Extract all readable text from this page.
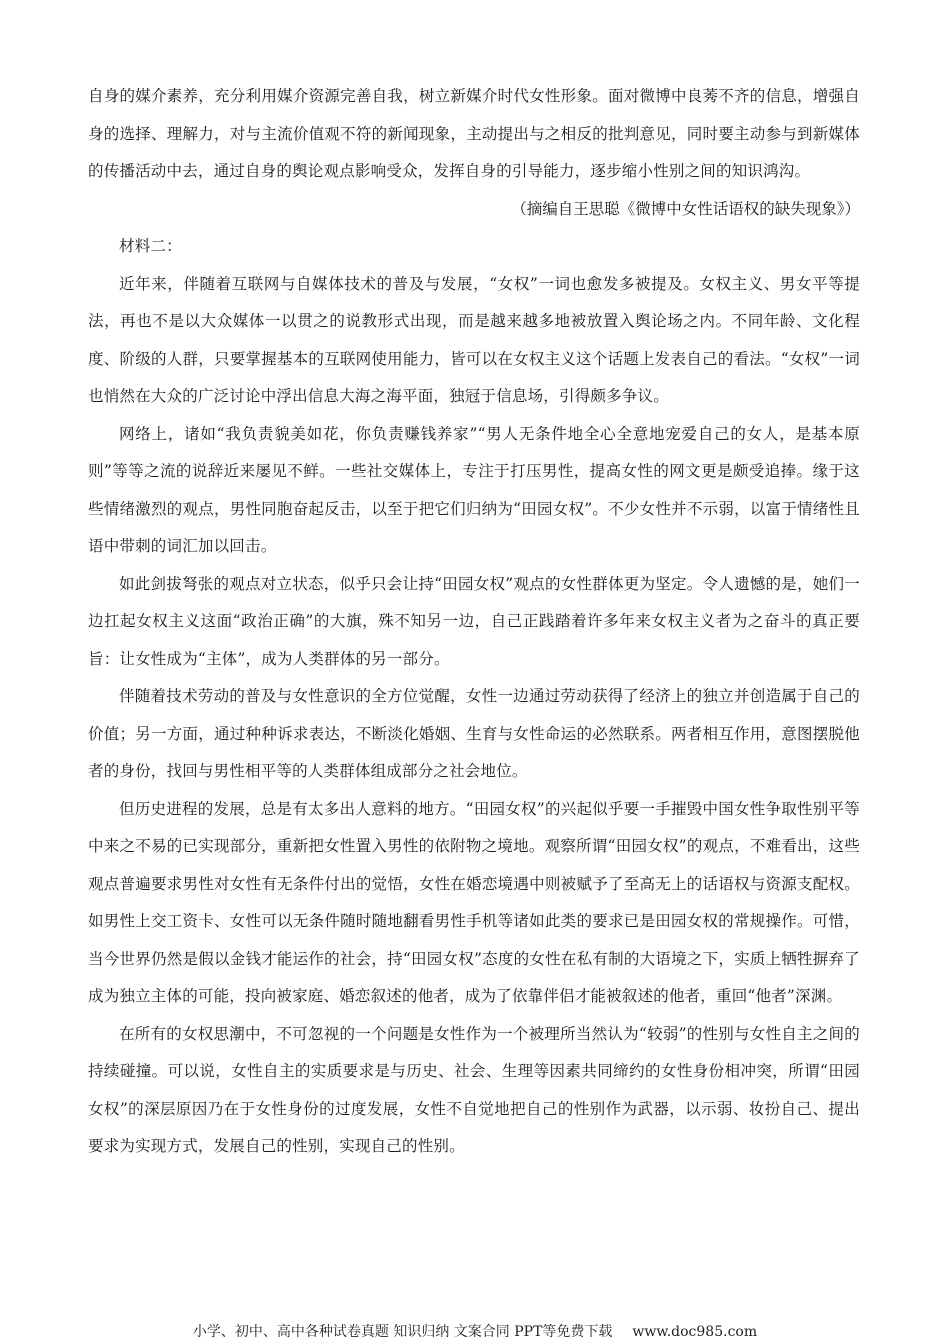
自身的媒介素养，充分利用媒介资源完善自我，树立新媒介时代女性形象。面对微博中良莠不齐的信息，增强自身的选择、理解力，对与主流价值观不符的新闻现象，主动提出与之相反的批判意见，同时要主动参与到新媒体的传播活动中去，通过自身的舆论观点影响受众，发挥自身的引导能力，逐步缩小性别之间的知识鸿沟。

（摘编自王思聪《微博中女性话语权的缺失现象》）

材料二：

近年来，伴随着互联网与自媒体技术的普及与发展，“女权”一词也愈发多被提及。女权主义、男女平等提法，再也不是以大众媒体一以贯之的说教形式出现，而是越来越多地被放置入舆论场之内。不同年龄、文化程度、阶级的人群，只要掌握基本的互联网使用能力，皆可以在女权主义这个话题上发表自己的看法。“女权”一词也悄然在大众的广泛讨论中浮出信息大海之海平面，独冠于信息场，引得颇多争议。

网络上，诸如“我负责貌美如花，你负责赚钱养家”“男人无条件地全心全意地宠爱自己的女人，是基本原则”等等之流的说辞近来屡见不鲜。一些社交媒体上，专注于打压男性，提高女性的网文更是颇受追捧。缘于这些情绪激烈的观点，男性同胞奋起反击，以至于把它们归纳为“田园女权”。不少女性并不示弱，以富于情绪性且语中带刺的词汇加以回击。

如此剑拔弩张的观点对立状态，似乎只会让持“田园女权”观点的女性群体更为坚定。令人遗憾的是，她们一边扛起女权主义这面“政治正确”的大旗，殊不知另一边，自己正践踏着许多年来女权主义者为之奋斗的真正要旨：让女性成为“主体”，成为人类群体的另一部分。

伴随着技术劳动的普及与女性意识的全方位觉醒，女性一边通过劳动获得了经济上的独立并创造属于自己的价值；另一方面，通过种种诉求表达，不断淡化婚姻、生育与女性命运的必然联系。两者相互作用，意图摆脱他者的身份，找回与男性相平等的人类群体组成部分之社会地位。

但历史进程的发展，总是有太多出人意料的地方。“田园女权”的兴起似乎要一手摧毁中国女性争取性别平等中来之不易的已实现部分，重新把女性置入男性的依附物之境地。观察所谓“田园女权”的观点，不难看出，这些观点普遍要求男性对女性有无条件付出的觉悟，女性在婚恋境遇中则被赋予了至高无上的话语权与资源支配权。如男性上交工资卡、女性可以无条件随时随地翻看男性手机等诸如此类的要求已是田园女权的常规操作。可惜，当今世界仍然是假以金钱才能运作的社会，持“田园女权”态度的女性在私有制的大语境之下，实质上牺牲摒弃了成为独立主体的可能，投向被家庭、婚恋叙述的他者，成为了依靠伴侣才能被叙述的他者，重回“他者”深渊。

在所有的女权思潮中，不可忽视的一个问题是女性作为一个被理所当然认为“较弱”的性别与女性自主之间的持续碰撞。可以说，女性自主的实质要求是与历史、社会、生理等因素共同缔约的女性身份相冲突，所谓“田园女权”的深层原因乃在于女性身份的过度发展，女性不自觉地把自己的性别作为武器，以示弱、妆扮自己、提出要求为实现方式，发展自己的性别，实现自己的性别。

小学、初中、高中各种试卷真题 知识归纳 文案合同 PPT等免费下载 www.doc985.com
